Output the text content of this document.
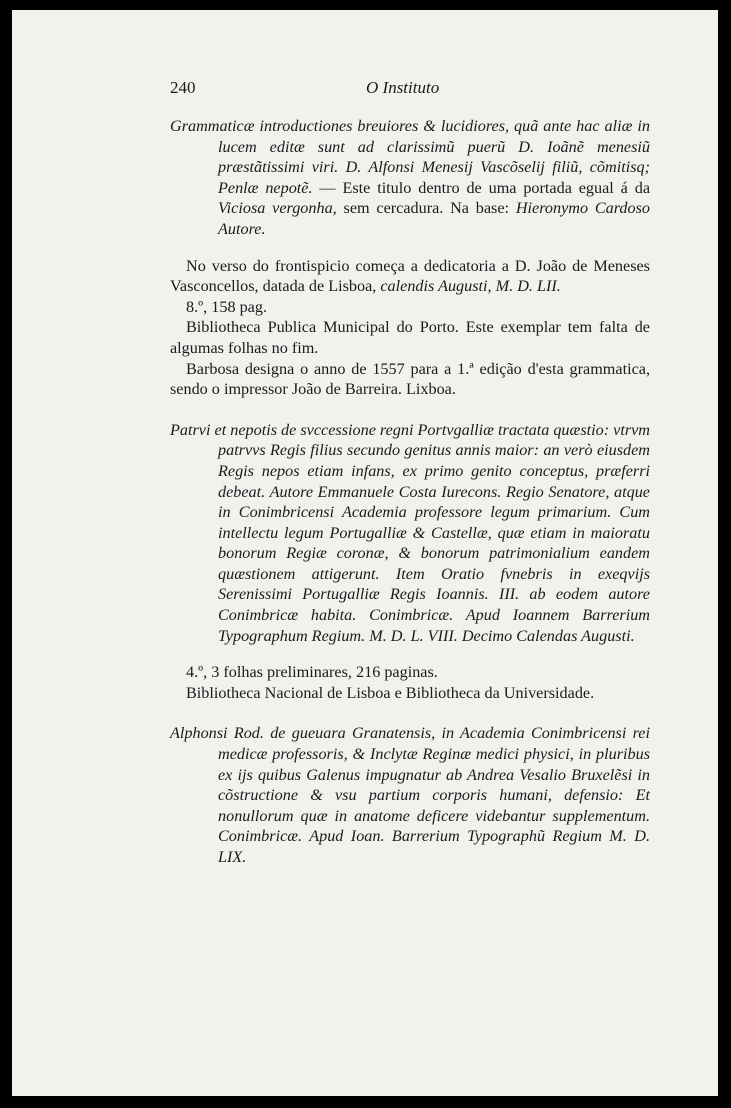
240	O Instituto

Grammaticæ introductiones breuiores & lucidiores, quã ante hac aliæ in lucem editæ sunt ad clarissimũ puerũ D. Ioãnẽ menesiũ præstãtissimi viri. D. Alfonsi Menesij Vascõselij filiũ, cõmitisq; Penlæ nepotẽ. — Este titulo dentro de uma portada egual á da Viciosa vergonha, sem cercadura. Na base: Hieronymo Cardoso Autore.

No verso do frontispicio começa a dedicatoria a D. João de Meneses Vasconcellos, datada de Lisboa, calendis Augusti, M. D. LII.

8.º, 158 pag.

Bibliotheca Publica Municipal do Porto. Este exemplar tem falta de algumas folhas no fim.

Barbosa designa o anno de 1557 para a 1.ª edição d'esta grammatica, sendo o impressor João de Barreira. Lixboa.

Patrvi et nepotis de svccessione regni Portvgalliæ tractata quæstio: vtrvm patrvvs Regis filius secundo genitus annis maior: an verò eiusdem Regis nepos etiam infans, ex primo genito conceptus, præferri debeat. Autore Emmanuele Costa Iurecons. Regio Senatore, atque in Conimbricensi Academia professore legum primarium. Cum intellectu legum Portugalliæ & Castellæ, quæ etiam in maioratu bonorum Regiæ coronæ, & bonorum patrimonialium eandem quæstionem attigerunt. Item Oratio fvnebris in exeqvijs Serenissimi Portugalliæ Regis Ioannis. III. ab eodem autore Conimbricæ habita. Conimbricæ. Apud Ioannem Barrerium Typographum Regium. M. D. L. VIII. Decimo Calendas Augusti.

4.º, 3 folhas preliminares, 216 paginas.

Bibliotheca Nacional de Lisboa e Bibliotheca da Universidade.

Alphonsi Rod. de gueuara Granatensis, in Academia Conimbricensi rei medicæ professoris, & Inclytæ Reginæ medici physici, in pluribus ex ijs quibus Galenus impugnatur ab Andrea Vesalio Bruxelẽsi in cõstructione & vsu partium corporis humani, defensio: Et nonullorum quæ in anatome deficere videbantur supplementum. Conimbricæ. Apud Ioan. Barrerium Typographũ Regium M. D. LIX.
